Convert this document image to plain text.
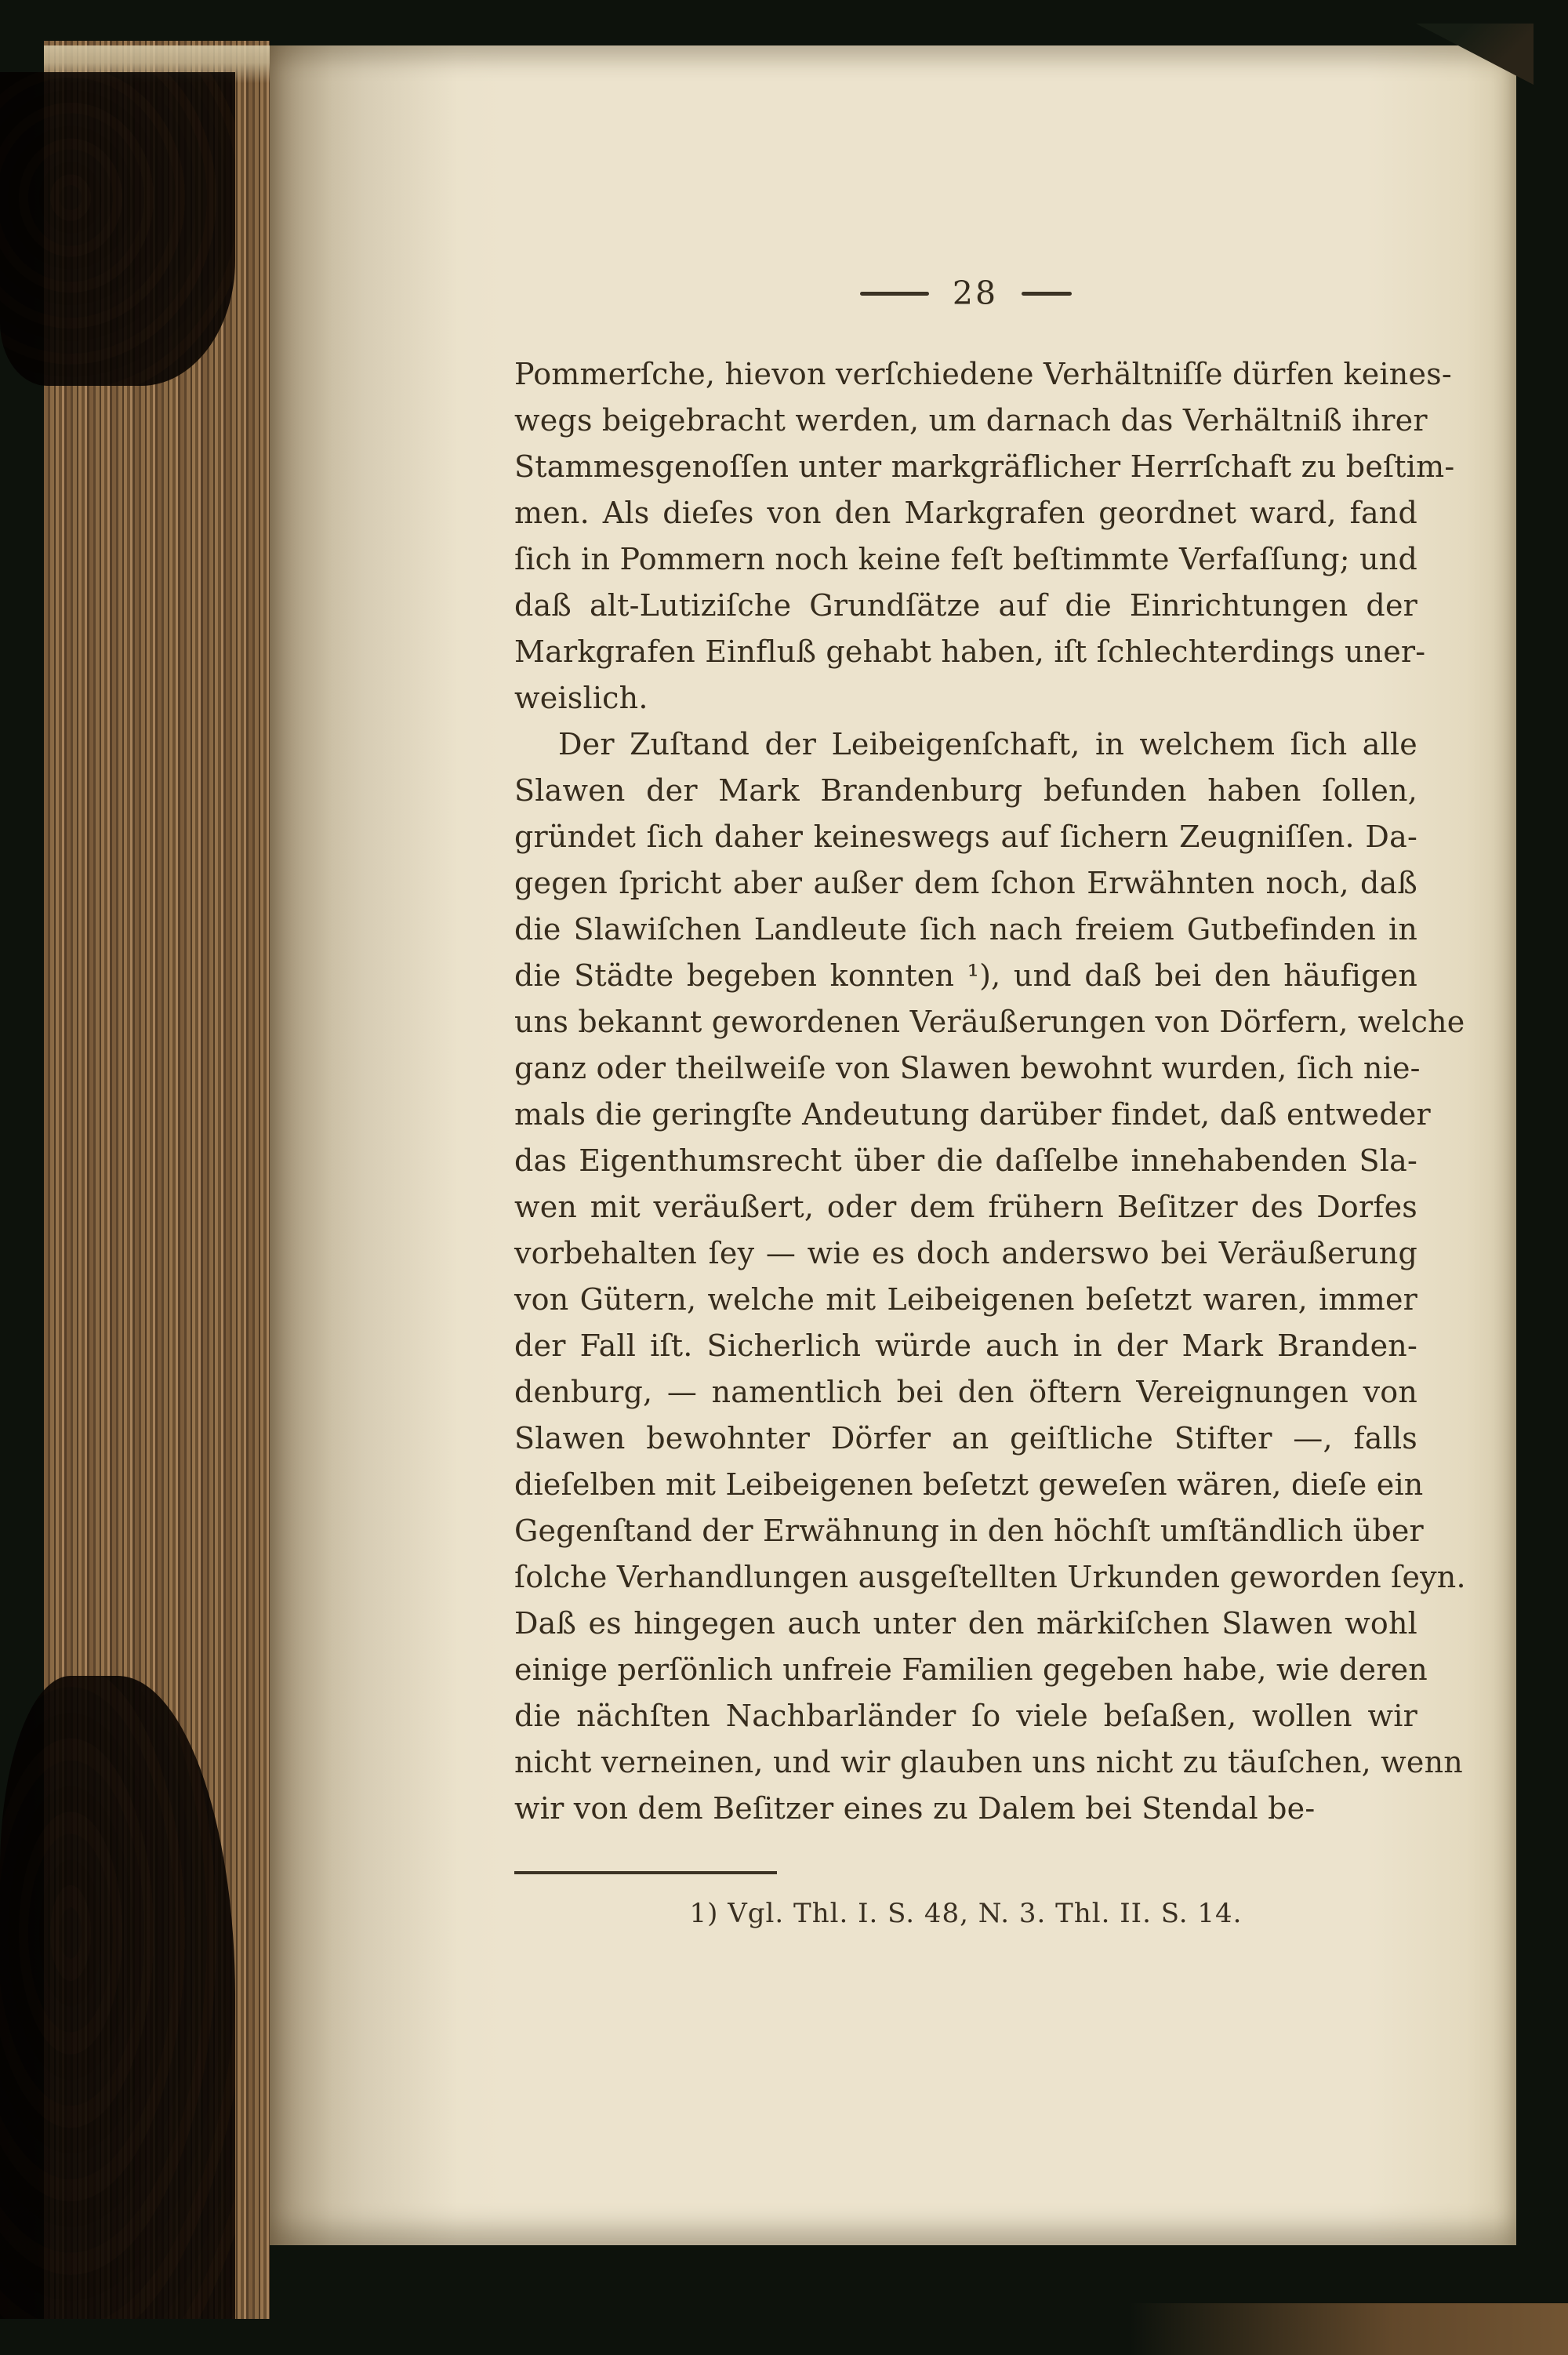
28
Pommerſche, hievon verſchiedene Verhältniſſe dürfen keines-
wegs beigebracht werden, um darnach das Verhältniß ihrer
Stammesgenoſſen unter markgräflicher Herrſchaft zu beſtim-
men. Als dieſes von den Markgrafen geordnet ward, fand
ſich in Pommern noch keine feſt beſtimmte Verfaſſung; und
daß alt-Lutiziſche Grundſätze auf die Einrichtungen der
Markgrafen Einfluß gehabt haben, iſt ſchlechterdings uner-
weislich.
Der Zuſtand der Leibeigenſchaft, in welchem ſich alle
Slawen der Mark Brandenburg befunden haben ſollen,
gründet ſich daher keineswegs auf ſichern Zeugniſſen. Da-
gegen ſpricht aber außer dem ſchon Erwähnten noch, daß
die Slawiſchen Landleute ſich nach freiem Gutbefinden in
die Städte begeben konnten ¹), und daß bei den häufigen
uns bekannt gewordenen Veräußerungen von Dörfern, welche
ganz oder theilweiſe von Slawen bewohnt wurden, ſich nie-
mals die geringſte Andeutung darüber findet, daß entweder
das Eigenthumsrecht über die daſſelbe innehabenden Sla-
wen mit veräußert, oder dem frühern Beſitzer des Dorfes
vorbehalten ſey — wie es doch anderswo bei Veräußerung
von Gütern, welche mit Leibeigenen beſetzt waren, immer
der Fall iſt. Sicherlich würde auch in der Mark Branden-
denburg, — namentlich bei den öftern Vereignungen von
Slawen bewohnter Dörfer an geiſtliche Stifter —, falls
dieſelben mit Leibeigenen beſetzt geweſen wären, dieſe ein
Gegenſtand der Erwähnung in den höchſt umſtändlich über
ſolche Verhandlungen ausgeſtellten Urkunden geworden ſeyn.
Daß es hingegen auch unter den märkiſchen Slawen wohl
einige perſönlich unfreie Familien gegeben habe, wie deren
die nächſten Nachbarländer ſo viele beſaßen, wollen wir
nicht verneinen, und wir glauben uns nicht zu täuſchen, wenn
wir von dem Beſitzer eines zu Dalem bei Stendal be-
1) Vgl. Thl. I. S. 48, N. 3. Thl. II. S. 14.
